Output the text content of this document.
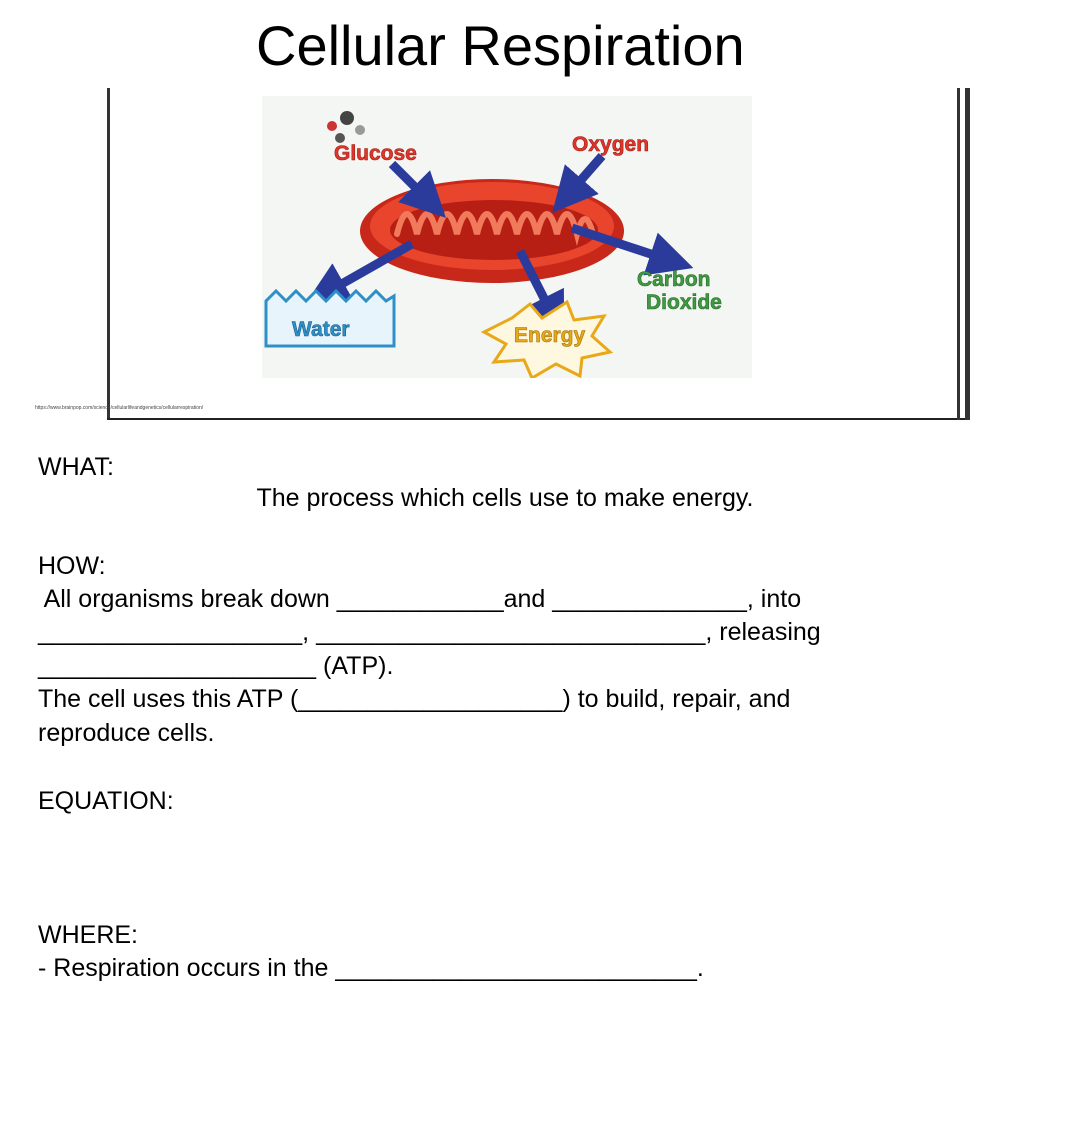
Cellular Respiration
Glucose	Oxygen
Carbon
Dioxide
Water	Energy
https://www.brainpop.com/science/cellularlifeandgenetics/cellularrespiration/
WHAT:
The process which cells use to make energy.
HOW:
All organisms break down ____________and ______________, into
___________________, ____________________________, releasing
____________________ (ATP).
The cell uses this ATP (___________________) to build, repair, and
reproduce cells.
EQUATION:
WHERE:
- Respiration occurs in the __________________________.
